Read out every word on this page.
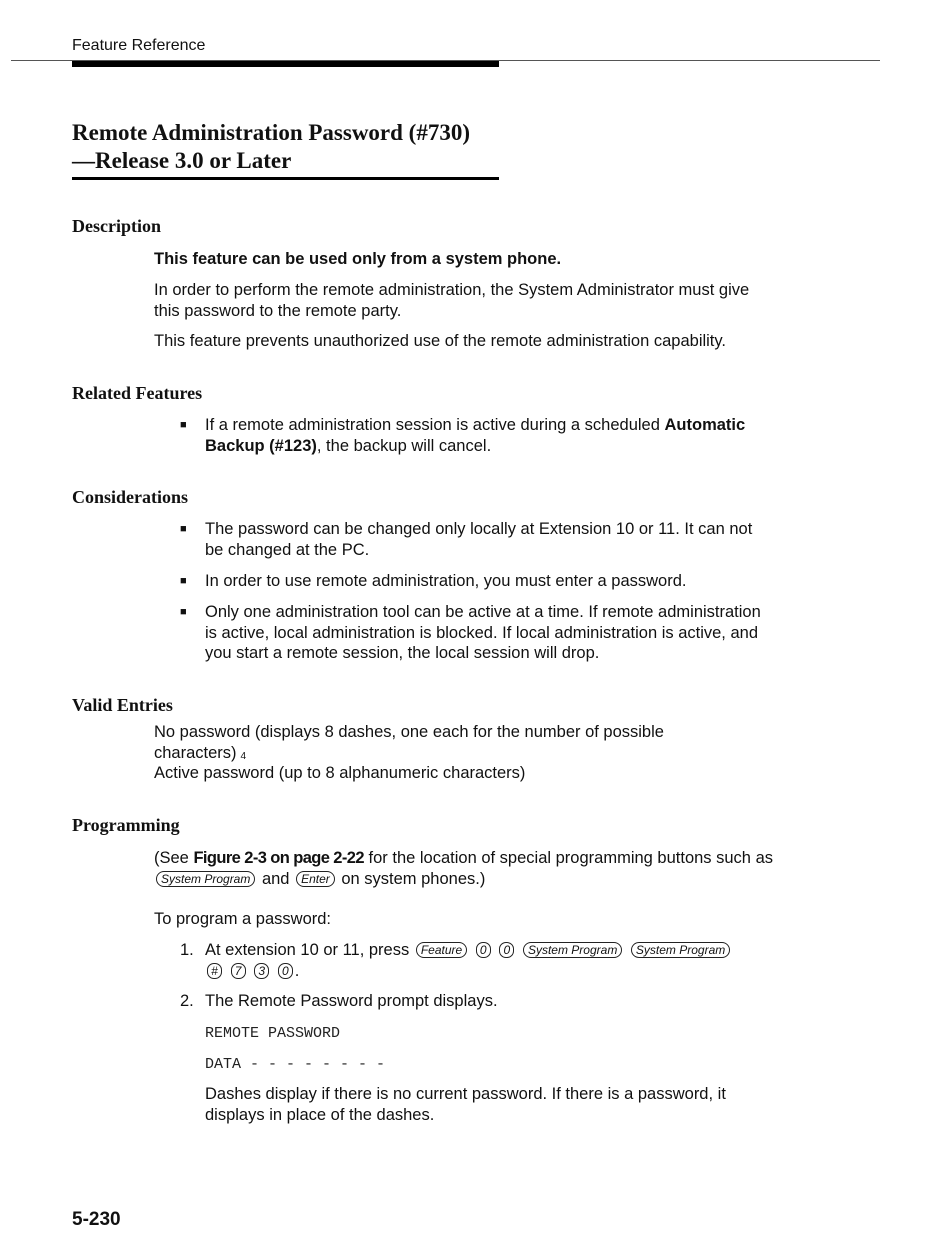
Feature Reference
Remote Administration Password (#730)
—Release 3.0 or Later
Description
This feature can be used only from a system phone.
In order to perform the remote administration, the System Administrator must give this password to the remote party.
This feature prevents unauthorized use of the remote administration capability.
Related Features
■ If a remote administration session is active during a scheduled Automatic Backup (#123), the backup will cancel.
Considerations
■ The password can be changed only locally at Extension 10 or 11. It can not be changed at the PC.
■ In order to use remote administration, you must enter a password.
■ Only one administration tool can be active at a time. If remote administration is active, local administration is blocked. If local administration is active, and you start a remote session, the local session will drop.
Valid Entries
No password (displays 8 dashes, one each for the number of possible characters) 4
Active password (up to 8 alphanumeric characters)
Programming
(See Figure 2-3 on page 2-22 for the location of special programming buttons such as System Program and Enter on system phones.)
To program a password:
1. At extension 10 or 11, press Feature 0 0 System Program System Program
# 7 3 0 .
2. The Remote Password prompt displays.
REMOTE PASSWORD
DATA - - - - - - - -
Dashes display if there is no current password. If there is a password, it displays in place of the dashes.
5-230
